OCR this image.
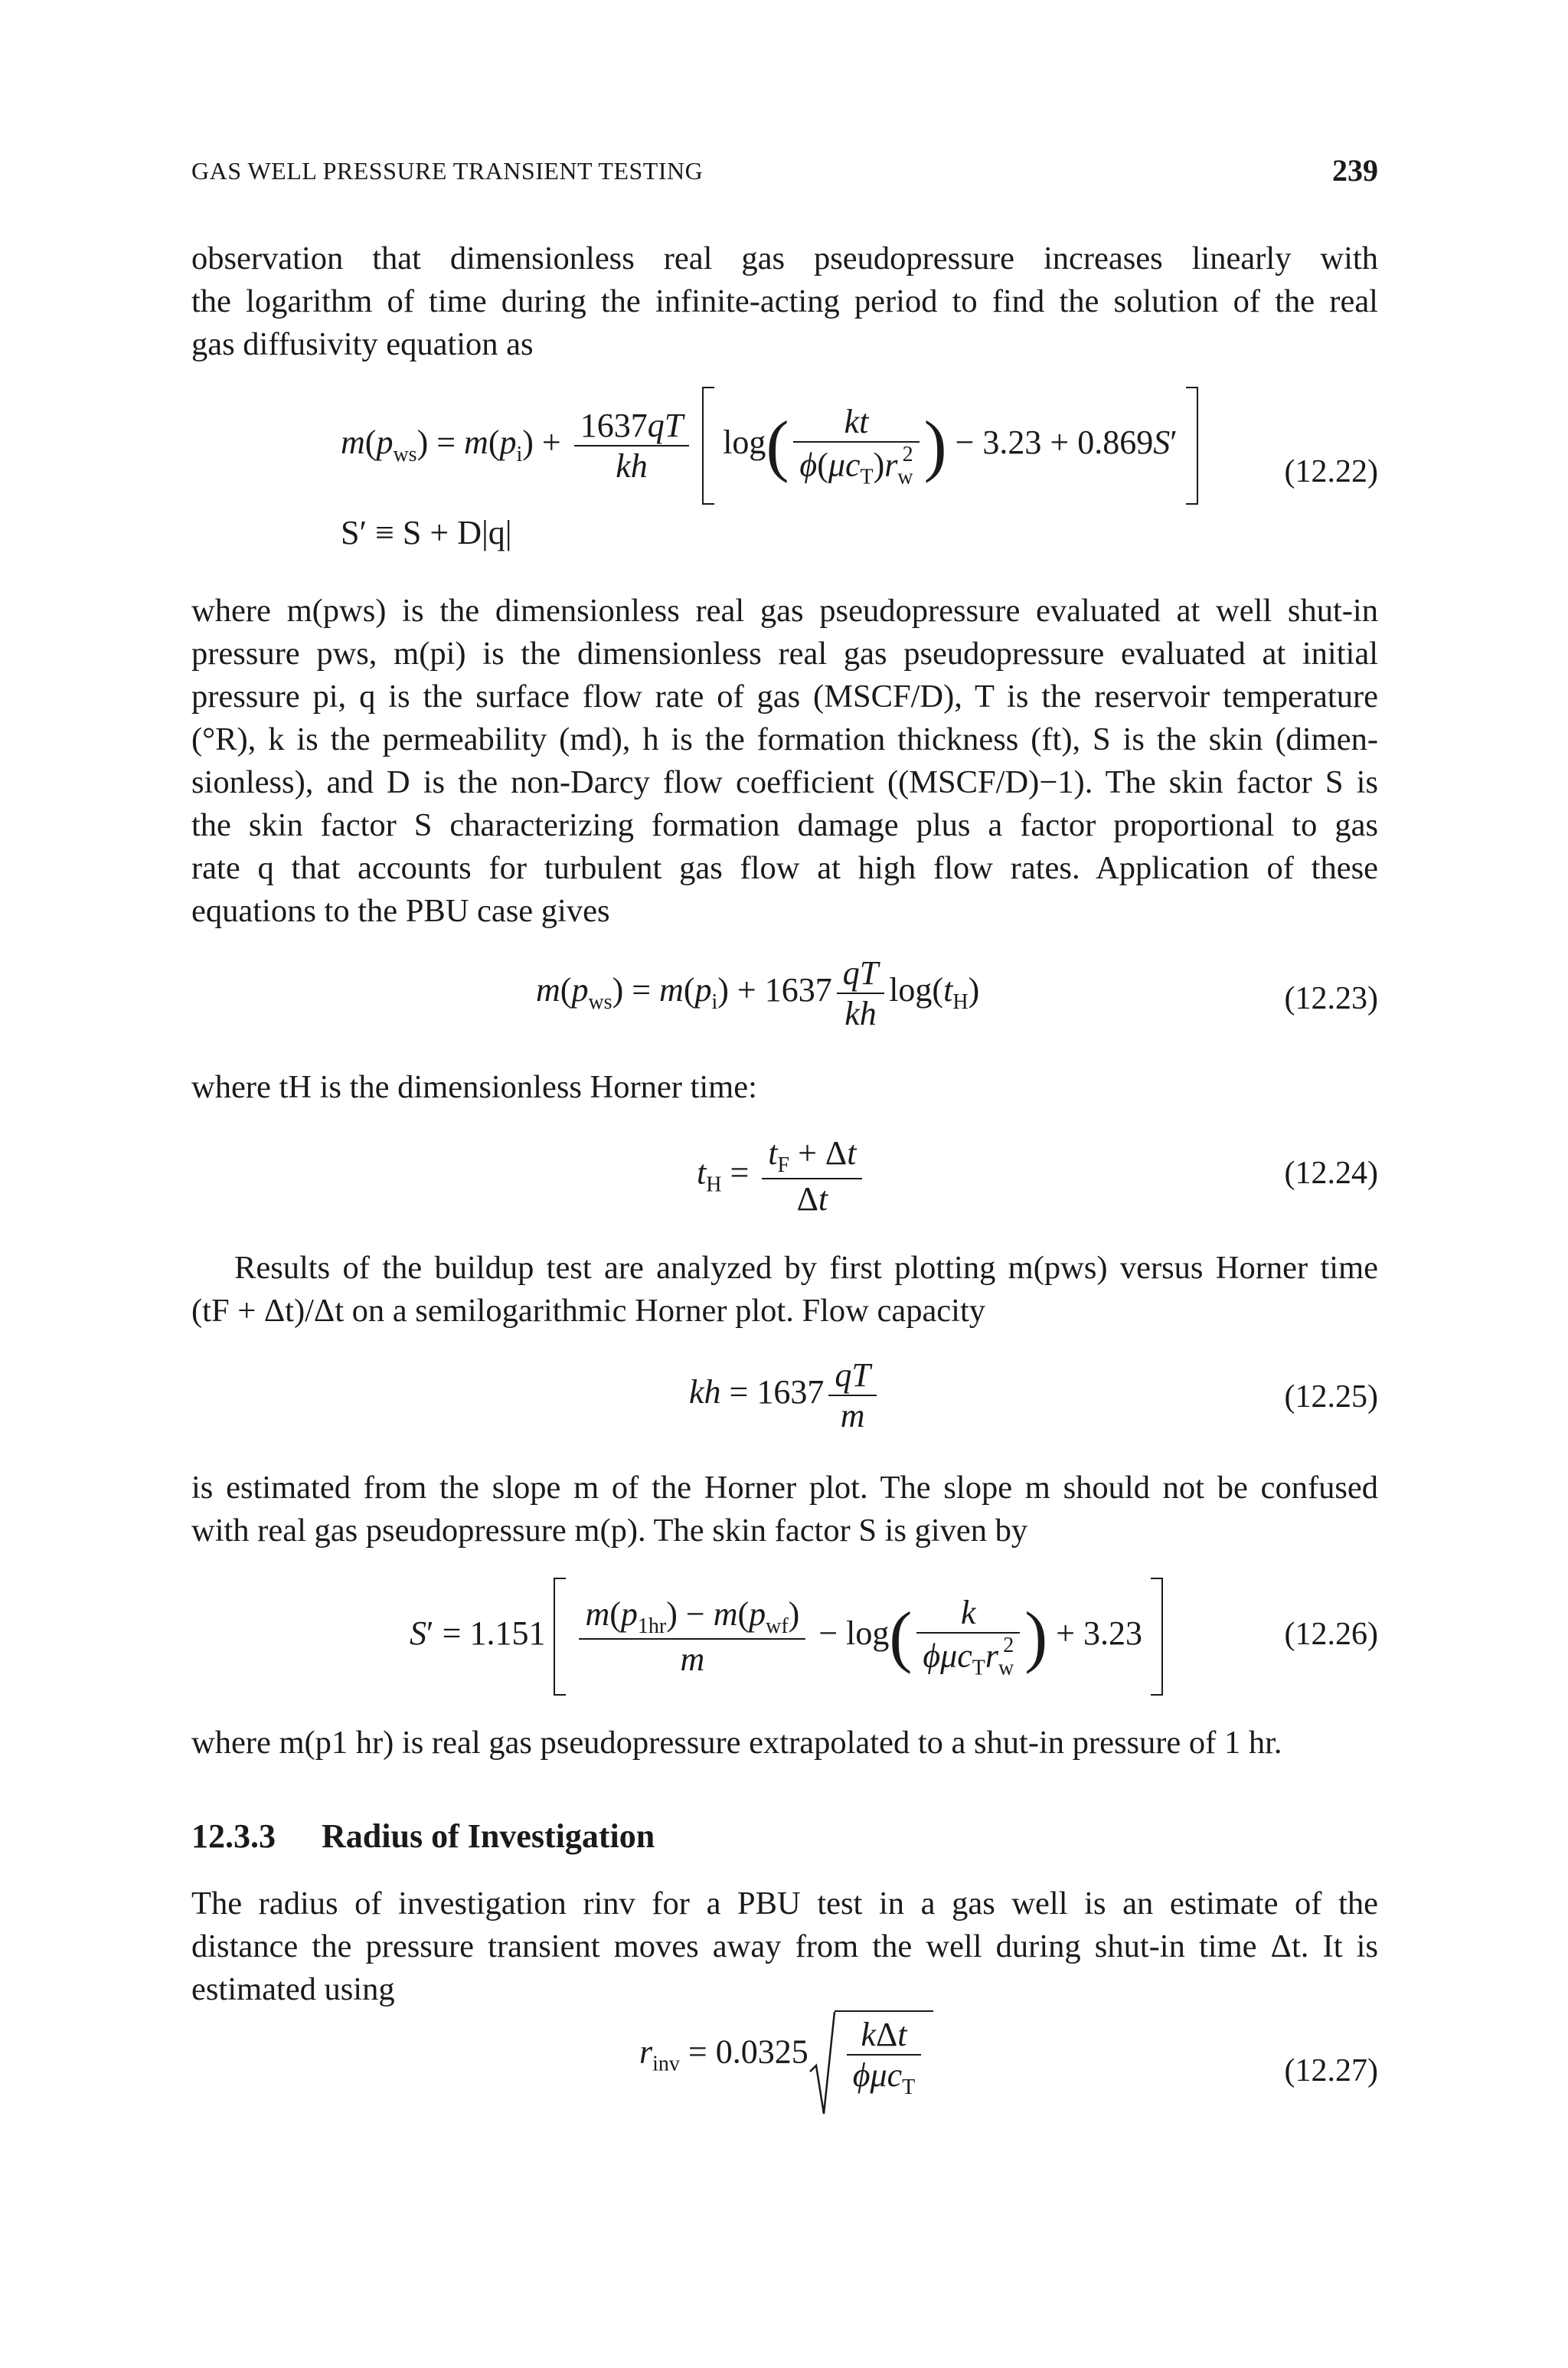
GAS WELL PRESSURE TRANSIENT TESTING	239
observation that dimensionless real gas pseudopressure increases linearly with
the logarithm of time during the infinite-acting period to find the solution of the real
gas diffusivity equation as
$m(p_{ws}) = m(p_i) + \frac{1637qT}{kh} \log( \frac{kt}{\phi(\mu c_T)r_w^2}$ ) − 3.23 + 0.869S′
(12.22)
S′ ≡ S + D|q|
where m(pws) is the dimensionless real gas pseudopressure evaluated at well shut-in
pressure pws, m(pi) is the dimensionless real gas pseudopressure evaluated at initial
pressure pi, q is the surface flow rate of gas (MSCF/D), T is the reservoir temperature
(°R), k is the permeability (md), h is the formation thickness (ft), S is the skin (dimen-
sionless), and D is the non-Darcy flow coefficient ((MSCF/D)−1). The skin factor S is
the skin factor S characterizing formation damage plus a factor proportional to gas
rate q that accounts for turbulent gas flow at high flow rates. Application of these
equations to the PBU case gives
$m(p_{ws}) = m(p_i) + 1637 \frac{qT}{kh} \log(t_H)$	(12.23)
where tH is the dimensionless Horner time:
$t_H = \frac{t_F + \Delta t}{\Delta t}$	(12.24)
Results of the buildup test are analyzed by first plotting m(pws) versus Horner time
(tF + Δt)/Δt on a semilogarithmic Horner plot. Flow capacity
kh = $1637 \frac{qT}{m}$	(12.25)
is estimated from the slope m of the Horner plot. The slope m should not be confused
with real gas pseudopressure m(p). The skin factor S is given by
$S' = 1.151 \frac{m(p_{1hr}) - m(p_{wf})}{m} - \log( \frac{k}{\phi\mu c_Tr_w^2}$ ) + 3.23	(12.26)
where m(p1 hr) is real gas pseudopressure extrapolated to a shut-in pressure of 1 hr.
12.3.3 Radius of Investigation
The radius of investigation rinv for a PBU test in a gas well is an estimate of the
distance the pressure transient moves away from the well during shut-in time Δt. It is
estimated using
$r_{inv} = 0.0325 \frac{\text{kΔt}}{\phi\mu c_T}$	(12.27)
